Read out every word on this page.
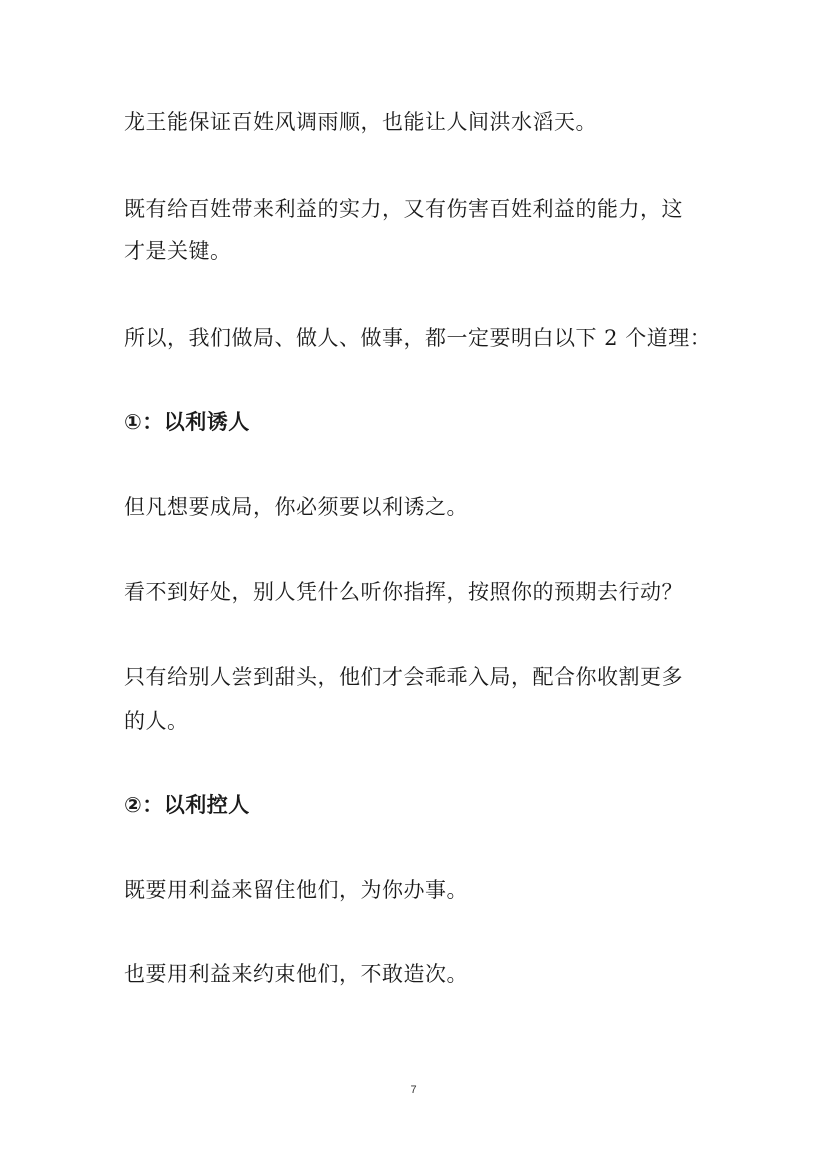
龙王能保证百姓风调雨顺，也能让人间洪水滔天。

既有给百姓带来利益的实力，又有伤害百姓利益的能力，这

才是关键。

所以，我们做局、做人、做事，都一定要明白以下 2 个道理：

①：以利诱人

但凡想要成局，你必须要以利诱之。

看不到好处，别人凭什么听你指挥，按照你的预期去行动？

只有给别人尝到甜头，他们才会乖乖入局，配合你收割更多

的人。

②：以利控人

既要用利益来留住他们，为你办事。

也要用利益来约束他们，不敢造次。

7
